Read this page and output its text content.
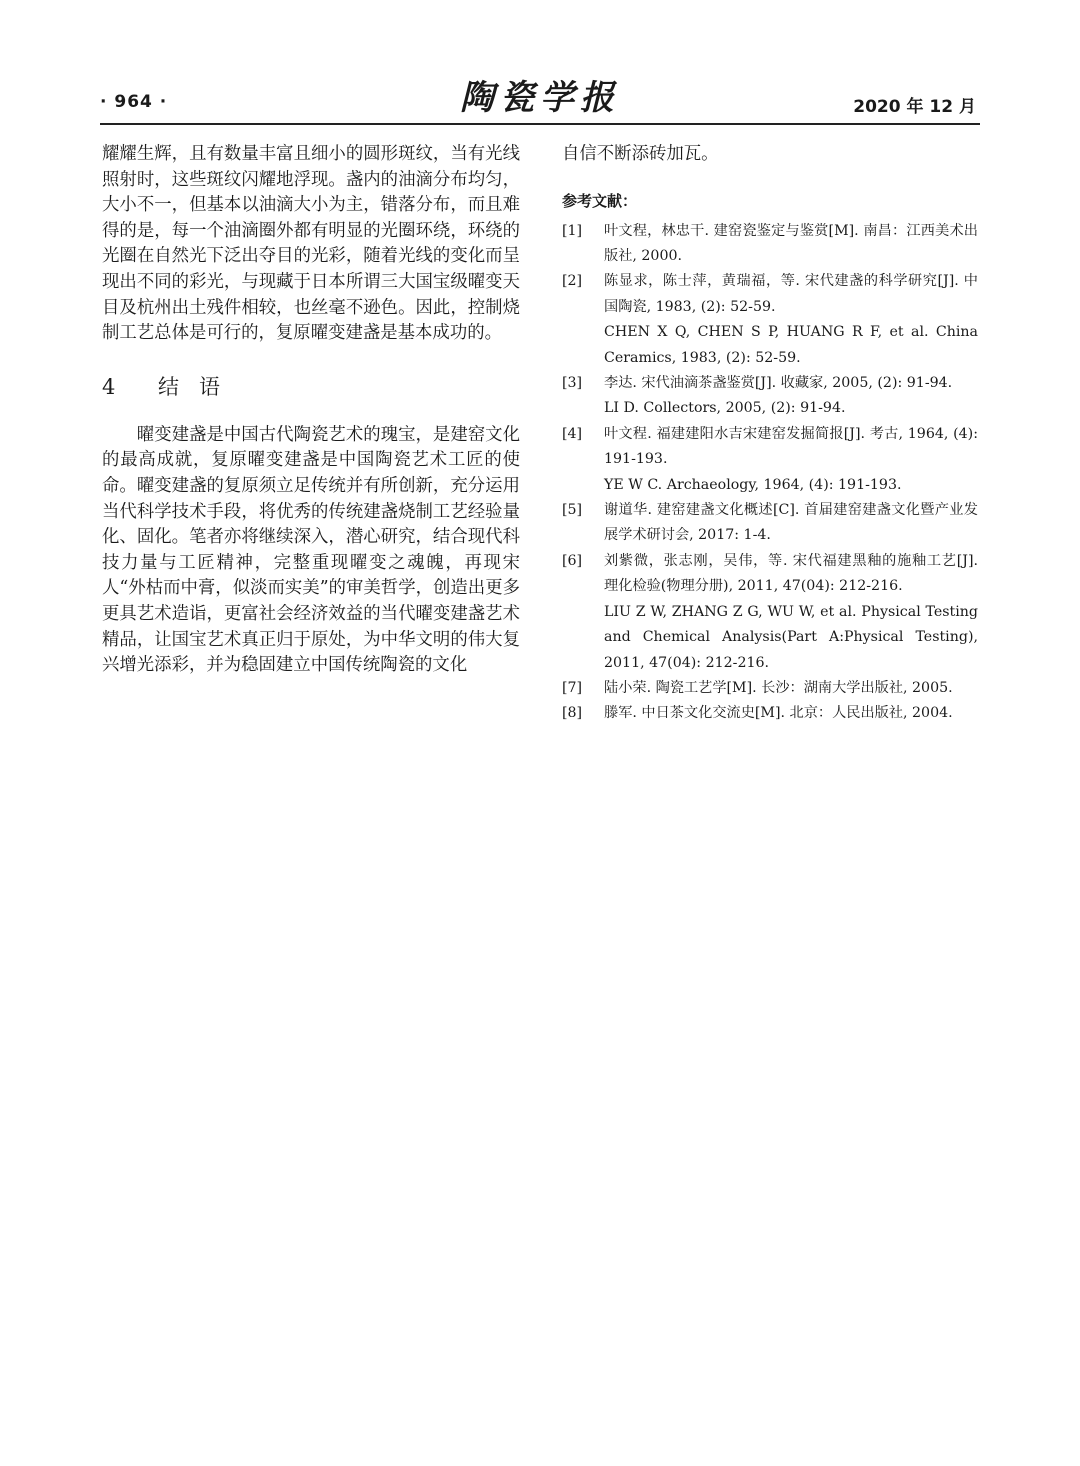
· 964 ·	陶瓷学报	2020 年 12 月

耀耀生辉，且有数量丰富且细小的圆形斑纹，当有光线照射时，这些斑纹闪耀地浮现。盏内的油滴分布均匀，大小不一，但基本以油滴大小为主，错落分布，而且难得的是，每一个油滴圈外都有明显的光圈环绕，环绕的光圈在自然光下泛出夺目的光彩，随着光线的变化而呈现出不同的彩光，与现藏于日本所谓三大国宝级曜变天目及杭州出土残件相较，也丝毫不逊色。因此，控制烧制工艺总体是可行的，复原曜变建盏是基本成功的。

4 结语

曜变建盏是中国古代陶瓷艺术的瑰宝，是建窑文化的最高成就，复原曜变建盏是中国陶瓷艺术工匠的使命。曜变建盏的复原须立足传统并有所创新，充分运用当代科学技术手段，将优秀的传统建盏烧制工艺经验量化、固化。笔者亦将继续深入，潜心研究，结合现代科技力量与工匠精神，完整重现曜变之魂魄，再现宋人“外枯而中膏，似淡而实美”的审美哲学，创造出更多更具艺术造诣，更富社会经济效益的当代曜变建盏艺术精品，让国宝艺术真正归于原处，为中华文明的伟大复兴增光添彩，并为稳固建立中国传统陶瓷的文化

自信不断添砖加瓦。

参考文献：
[1]	叶文程，林忠干. 建窑瓷鉴定与鉴赏[M]. 南昌：江西美术出版社, 2000.
[2]	陈显求，陈士萍，黄瑞福，等. 宋代建盏的科学研究[J]. 中国陶瓷, 1983, (2): 52-59.
CHEN X Q, CHEN S P, HUANG R F, et al. China Ceramics, 1983, (2): 52-59.
[3]	李达. 宋代油滴茶盏鉴赏[J]. 收藏家, 2005, (2): 91-94.
LI D. Collectors, 2005, (2): 91-94.
[4]	叶文程. 福建建阳水吉宋建窑发掘简报[J]. 考古, 1964, (4): 191-193.
YE W C. Archaeology, 1964, (4): 191-193.
[5]	谢道华. 建窑建盏文化概述[C]. 首届建窑建盏文化暨产业发展学术研讨会, 2017: 1-4.
[6]	刘紫微，张志刚，吴伟，等. 宋代福建黑釉的施釉工艺[J]. 理化检验(物理分册), 2011, 47(04): 212-216.
LIU Z W, ZHANG Z G, WU W, et al. Physical Testing and Chemical Analysis(Part A:Physical Testing), 2011, 47(04): 212-216.
[7]	陆小荣. 陶瓷工艺学[M]. 长沙：湖南大学出版社, 2005.
[8]	滕军. 中日茶文化交流史[M]. 北京：人民出版社, 2004.
